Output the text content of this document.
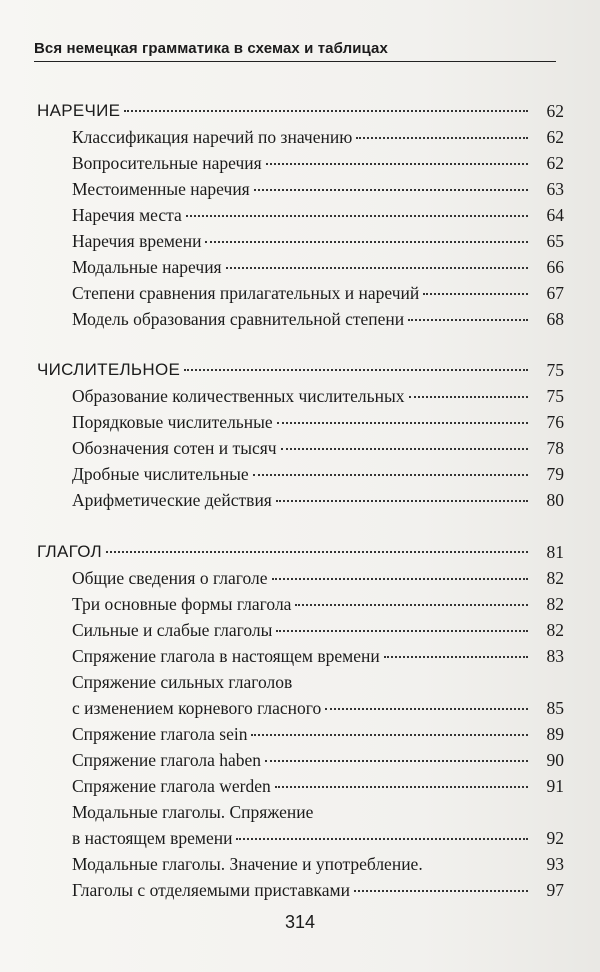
Вся немецкая грамматика в схемах и таблицах
НАРЕЧИЕ	62
Классификация наречий по значению	62
Вопросительные наречия	62
Местоименные наречия	63
Наречия места	64
Наречия времени	65
Модальные наречия	66
Степени сравнения прилагательных и наречий	67
Модель образования сравнительной степени	68
ЧИСЛИТЕЛЬНОЕ	75
Образование количественных числительных	75
Порядковые числительные	76
Обозначения сотен и тысяч	78
Дробные числительные	79
Арифметические действия	80
ГЛАГОЛ	81
Общие сведения о глаголе	82
Три основные формы глагола	82
Сильные и слабые глаголы	82
Спряжение глагола в настоящем времени	83
Спряжение сильных глаголов
с изменением корневого гласного	85
Спряжение глагола sein	89
Спряжение глагола haben	90
Спряжение глагола werden	91
Модальные глаголы. Спряжение
в настоящем времени	92
Модальные глаголы. Значение и употребление.	93
Глаголы с отделяемыми приставками	97
314
